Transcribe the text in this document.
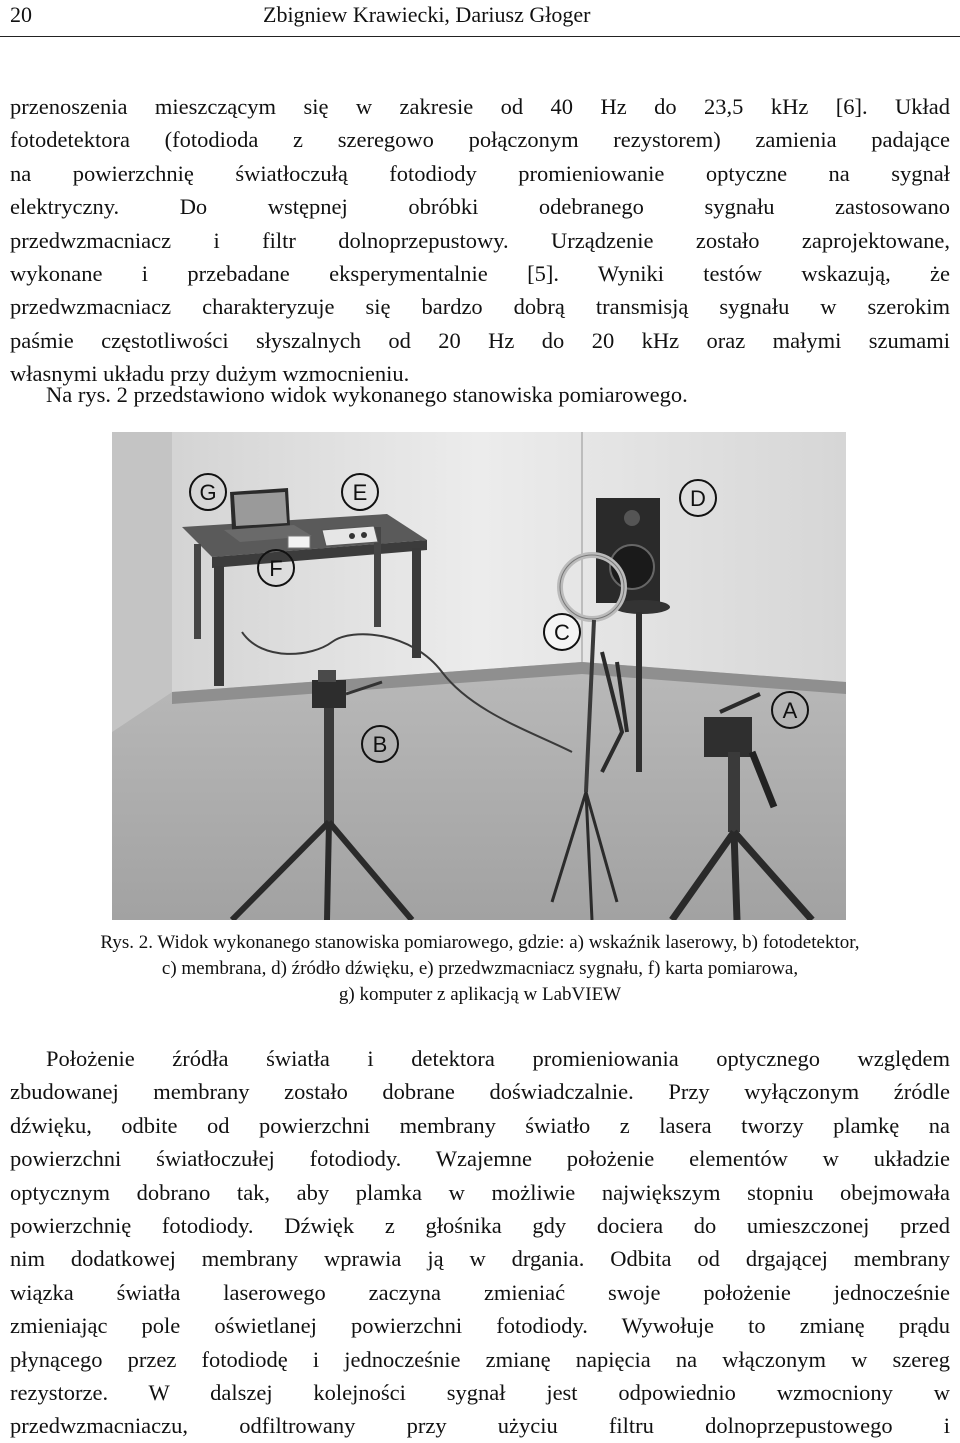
20	Zbigniew Krawiecki, Dariusz Głoger
przenoszenia mieszczącym się w zakresie od 40 Hz do 23,5 kHz [6]. Układ
fotodetektora (fotodioda z szeregowo połączonym rezystorem) zamienia padające
na powierzchnię światłoczułą fotodiody promieniowanie optyczne na sygnał
elektryczny. Do wstępnej obróbki odebranego sygnału zastosowano
przedwzmacniacz i filtr dolnoprzepustowy. Urządzenie zostało zaprojektowane,
wykonane i przebadane eksperymentalnie [5]. Wyniki testów wskazują, że
przedwzmacniacz charakteryzuje się bardzo dobrą transmisją sygnału w szerokim
paśmie częstotliwości słyszalnych od 20 Hz do 20 kHz oraz małymi szumami
własnymi układu przy dużym wzmocnieniu.
Na rys. 2 przedstawiono widok wykonanego stanowiska pomiarowego.
G	E	D
F
C
A
B
Rys. 2. Widok wykonanego stanowiska pomiarowego, gdzie: a) wskaźnik laserowy, b) fotodetektor,
c) membrana, d) źródło dźwięku, e) przedwzmacniacz sygnału, f) karta pomiarowa,
g) komputer z aplikacją w LabVIEW
Położenie źródła światła i detektora promieniowania optycznego względem
zbudowanej membrany zostało dobrane doświadczalnie. Przy wyłączonym źródle
dźwięku, odbite od powierzchni membrany światło z lasera tworzy plamkę na
powierzchni światłoczułej fotodiody. Wzajemne położenie elementów w układzie
optycznym dobrano tak, aby plamka w możliwie największym stopniu obejmowała
powierzchnię fotodiody. Dźwięk z głośnika gdy dociera do umieszczonej przed
nim dodatkowej membrany wprawia ją w drgania. Odbita od drgającej membrany
wiązka światła laserowego zaczyna zmieniać swoje położenie jednocześnie
zmieniając pole oświetlanej powierzchni fotodiody. Wywołuje to zmianę prądu
płynącego przez fotodiodę i jednocześnie zmianę napięcia na włączonym w szereg
rezystorze. W dalszej kolejności sygnał jest odpowiednio wzmocniony w
przedwzmacniaczu, odfiltrowany przy użyciu filtru dolnoprzepustowego i
